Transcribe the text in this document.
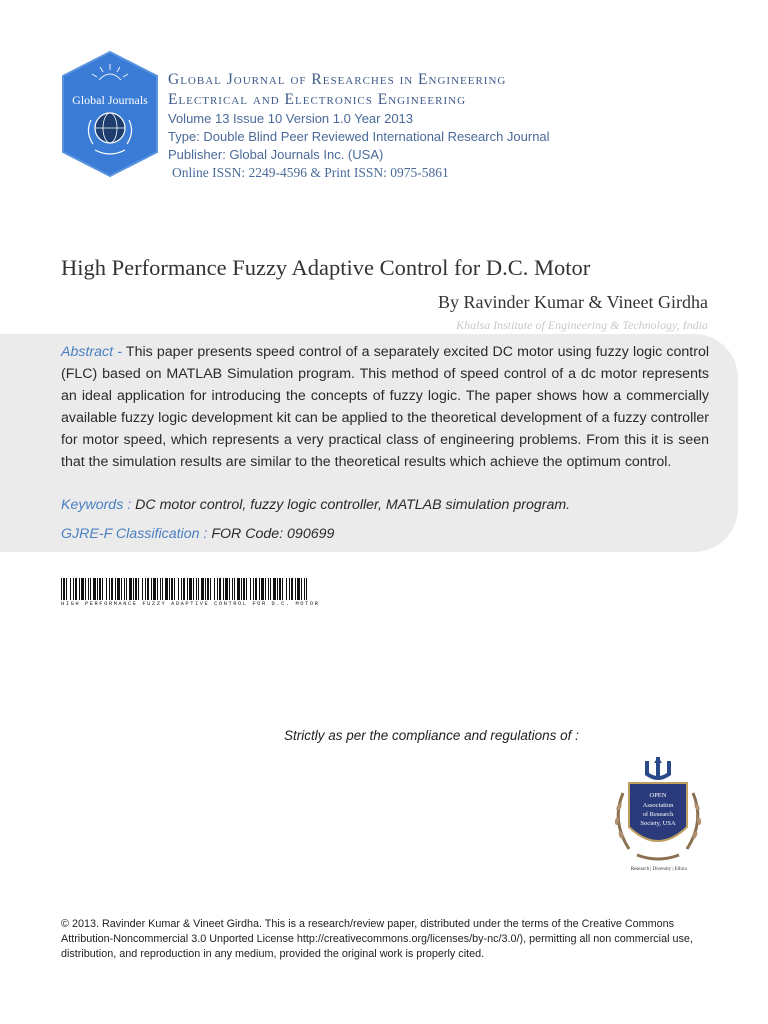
Global Journals
Global Journal of Researches in Engineering
Electrical and Electronics Engineering
Volume 13 Issue 10 Version 1.0 Year 2013
Type: Double Blind Peer Reviewed International Research Journal
Publisher: Global Journals Inc. (USA)
Online ISSN: 2249-4596 & Print ISSN: 0975-5861
High Performance Fuzzy Adaptive Control for D.C. Motor
By Ravinder Kumar & Vineet Girdha
Khalsa Institute of Engineering & Technology, India
Abstract - This paper presents speed control of a separately excited DC motor using fuzzy logic control (FLC) based on MATLAB Simulation program. This method of speed control of a dc motor represents an ideal application for introducing the concepts of fuzzy logic. The paper shows how a commercially available fuzzy logic development kit can be applied to the theoretical development of a fuzzy controller for motor speed, which represents a very practical class of engineering problems. From this it is seen that the simulation results are similar to the theoretical results which achieve the optimum control.
Keywords : DC motor control, fuzzy logic controller, MATLAB simulation program.
GJRE-F Classification : FOR Code: 090699
HIGH PERFORMANCE FUZZY ADAPTIVE CONTROL FOR D.C. MOTOR
Strictly as per the compliance and regulations of :
OPEN
Association
of Research
Society, USA
Research | Diversity | Ethics
© 2013. Ravinder Kumar & Vineet Girdha. This is a research/review paper, distributed under the terms of the Creative Commons Attribution-Noncommercial 3.0 Unported License http://creativecommons.org/licenses/by-nc/3.0/), permitting all non commercial use, distribution, and reproduction in any medium, provided the original work is properly cited.
